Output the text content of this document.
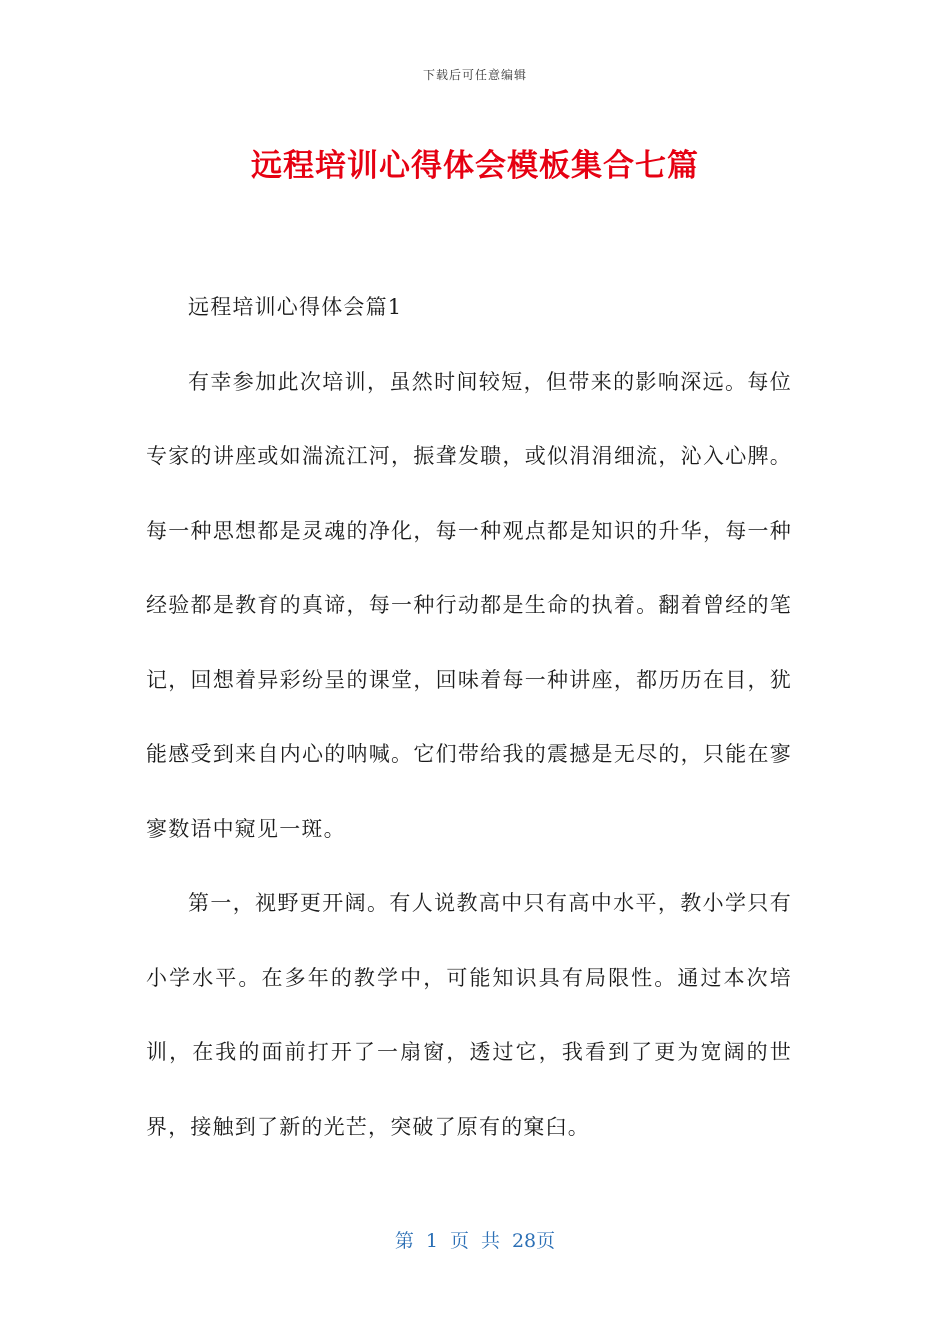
下载后可任意编辑
远程培训心得体会模板集合七篇

远程培训心得体会篇1

有幸参加此次培训，虽然时间较短，但带来的影响深远。每位专家的讲座或如湍流江河，振聋发聩，或似涓涓细流，沁入心脾。每一种思想都是灵魂的净化，每一种观点都是知识的升华，每一种经验都是教育的真谛，每一种行动都是生命的执着。翻着曾经的笔记，回想着异彩纷呈的课堂，回味着每一种讲座，都历历在目，犹能感受到来自内心的呐喊。它们带给我的震撼是无尽的，只能在寥寥数语中窥见一斑。

第一，视野更开阔。有人说教高中只有高中水平，教小学只有小学水平。在多年的教学中，可能知识具有局限性。通过本次培训，在我的面前打开了一扇窗，透过它，我看到了更为宽阔的世界，接触到了新的光芒，突破了原有的窠臼。

第 1 页 共 28页
